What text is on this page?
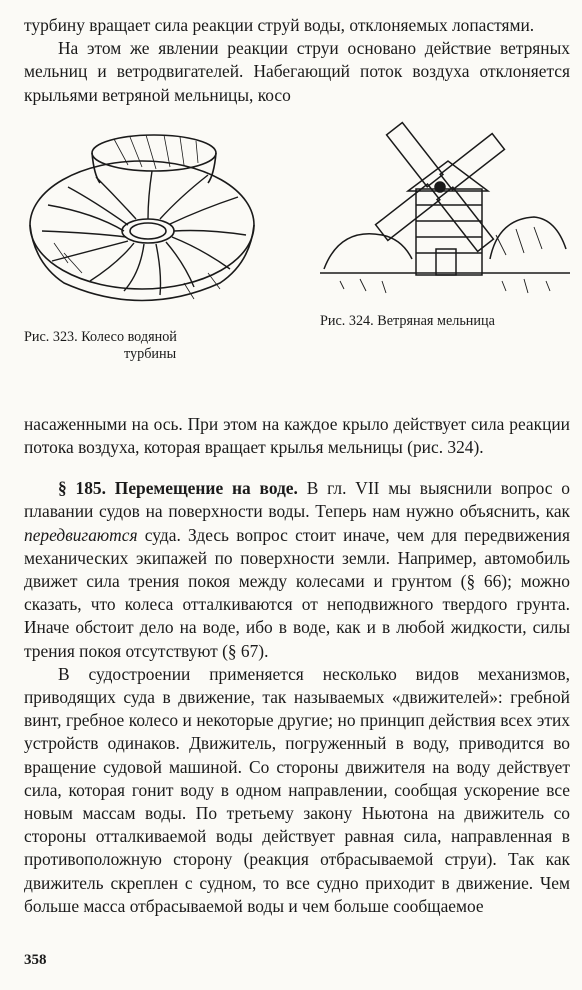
турбину вращает сила реакции струй воды, отклоняемых лопастями.

На этом же явлении реакции струи основано действие ветряных мельниц и ветродвигателей. Набегающий поток воздуха отклоняется крыльями ветряной мельницы, косо

Рис. 323. Колесо водяной
турбины
Рис. 324. Ветряная мельница

насаженными на ось. При этом на каждое крыло действует сила реакции потока воздуха, которая вращает крылья мельницы (рис. 324).

§ 185. Перемещение на воде. В гл. VII мы выяснили вопрос о плавании судов на поверхности воды. Теперь нам нужно объяснить, как передвигаются суда. Здесь вопрос стоит иначе, чем для передвижения механических экипажей по поверхности земли. Например, автомобиль движет сила трения покоя между колесами и грунтом (§ 66); можно сказать, что колеса отталкиваются от неподвижного твердого грунта. Иначе обстоит дело на воде, ибо в воде, как и в любой жидкости, силы трения покоя отсутствуют (§ 67).

В судостроении применяется несколько видов механизмов, приводящих суда в движение, так называемых «движителей»: гребной винт, гребное колесо и некоторые другие; но принцип действия всех этих устройств одинаков. Движитель, погруженный в воду, приводится во вращение судовой машиной. Со стороны движителя на воду действует сила, которая гонит воду в одном направлении, сообщая ускорение все новым массам воды. По третьему закону Ньютона на движитель со стороны отталкиваемой воды действует равная сила, направленная в противоположную сторону (реакция отбрасываемой струи). Так как движитель скреплен с судном, то все судно приходит в движение. Чем больше масса отбрасываемой воды и чем больше сообщаемое

358
